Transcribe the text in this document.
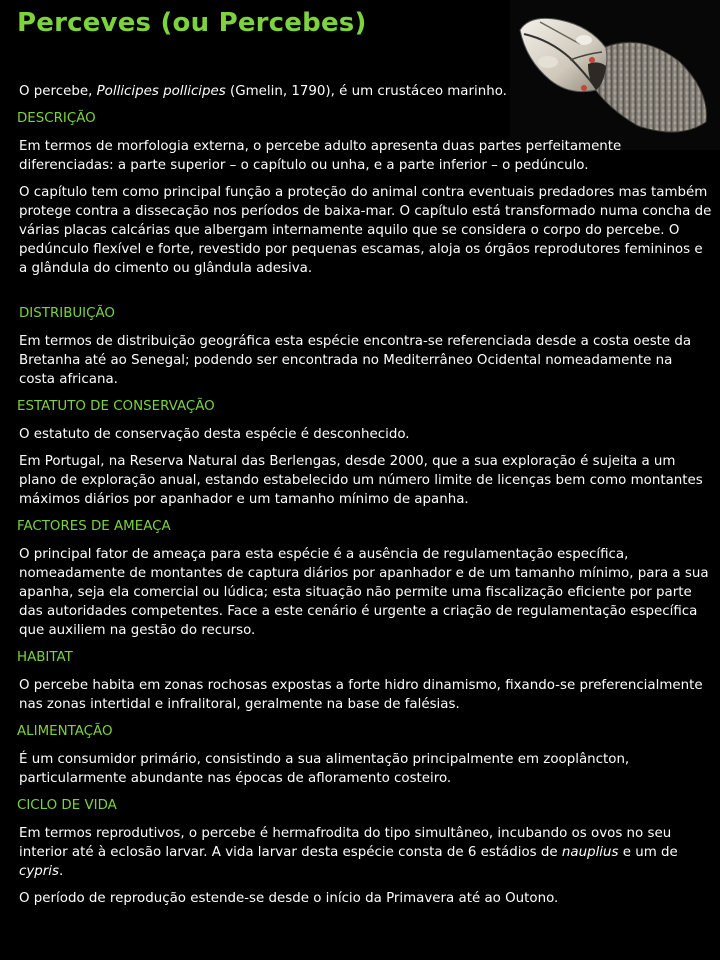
Perceves (ou Percebes)

O percebe, Pollicipes pollicipes (Gmelin, 1790), é um crustáceo marinho.

DESCRIÇÃO

Em termos de morfologia externa, o percebe adulto apresenta duas partes perfeitamente diferenciadas: a parte superior – o capítulo ou unha, e a parte inferior – o pedúnculo.

O capítulo tem como principal função a proteção do animal contra eventuais predadores mas também protege contra a dissecação nos períodos de baixa-mar. O capítulo está transformado numa concha de várias placas calcárias que albergam internamente aquilo que se considera o corpo do percebe. O pedúnculo flexível e forte, revestido por pequenas escamas, aloja os órgãos reprodutores femininos e a glândula do cimento ou glândula adesiva.

DISTRIBUIÇÃO

Em termos de distribuição geográfica esta espécie encontra-se referenciada desde a costa oeste da Bretanha até ao Senegal; podendo ser encontrada no Mediterrâneo Ocidental nomeadamente na costa africana.

ESTATUTO DE CONSERVAÇÃO

O estatuto de conservação desta espécie é desconhecido.

Em Portugal, na Reserva Natural das Berlengas, desde 2000, que a sua exploração é sujeita a um plano de exploração anual, estando estabelecido um número limite de licenças bem como montantes máximos diários por apanhador e um tamanho mínimo de apanha.

FACTORES DE AMEAÇA

O principal fator de ameaça para esta espécie é a ausência de regulamentação específica, nomeadamente de montantes de captura diários por apanhador e de um tamanho mínimo, para a sua apanha, seja ela comercial ou lúdica; esta situação não permite uma fiscalização eficiente por parte das autoridades competentes. Face a este cenário é urgente a criação de regulamentação específica que auxiliem na gestão do recurso.

HABITAT

O percebe habita em zonas rochosas expostas a forte hidro dinamismo, fixando-se preferencialmente nas zonas intertidal e infralitoral, geralmente na base de falésias.

ALIMENTAÇÃO

É um consumidor primário, consistindo a sua alimentação principalmente em zooplâncton, particularmente abundante nas épocas de afloramento costeiro.

CICLO DE VIDA

Em termos reprodutivos, o percebe é hermafrodita do tipo simultâneo, incubando os ovos no seu interior até à eclosão larvar. A vida larvar desta espécie consta de 6 estádios de nauplius e um de cypris.

O período de reprodução estende-se desde o início da Primavera até ao Outono.
